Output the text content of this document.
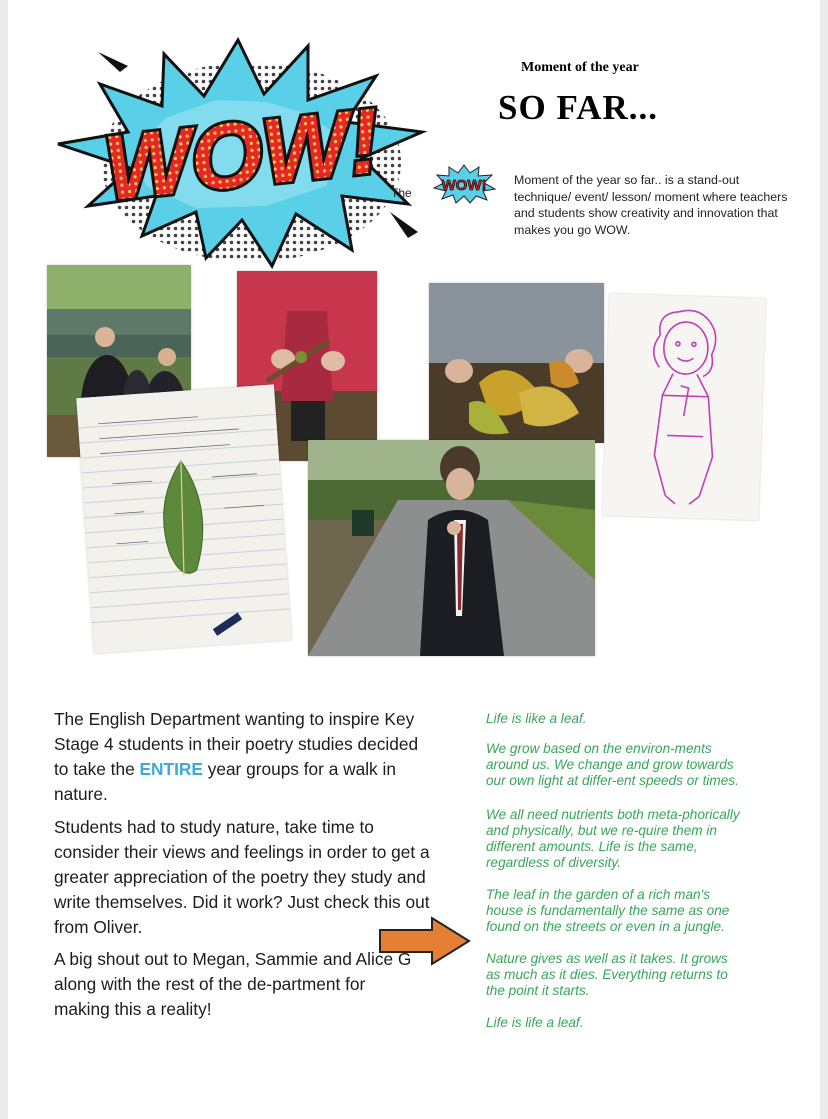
WOW!
Moment of the year
SO FAR...
The WOW! Moment of the year so far.. is a stand-out technique/ event/ lesson/ moment where teachers and students show creativity and innovation that makes you go WOW.
The English Department wanting to inspire Key Stage 4 students in their poetry studies decided to take the ENTIRE year groups for a walk in nature.
Students had to study nature, take time to consider their views and feelings in order to get a greater appreciation of the poetry they study and write themselves. Did it work? Just check this out from Oliver.
A big shout out to Megan, Sammie and Alice G along with the rest of the de-partment for making this a reality!

Life is like a leaf.

We grow based on the environ-ments around us. We change and grow towards our own light at differ-ent speeds or times.

We all need nutrients both meta-phorically and physically, but we re-quire them in different amounts. Life is the same, regardless of diversity.

The leaf in the garden of a rich man's house is fundamentally the same as one found on the streets or even in a jungle.

Nature gives as well as it takes. It grows as much as it dies. Everything returns to the point it starts.

Life is life a leaf.
